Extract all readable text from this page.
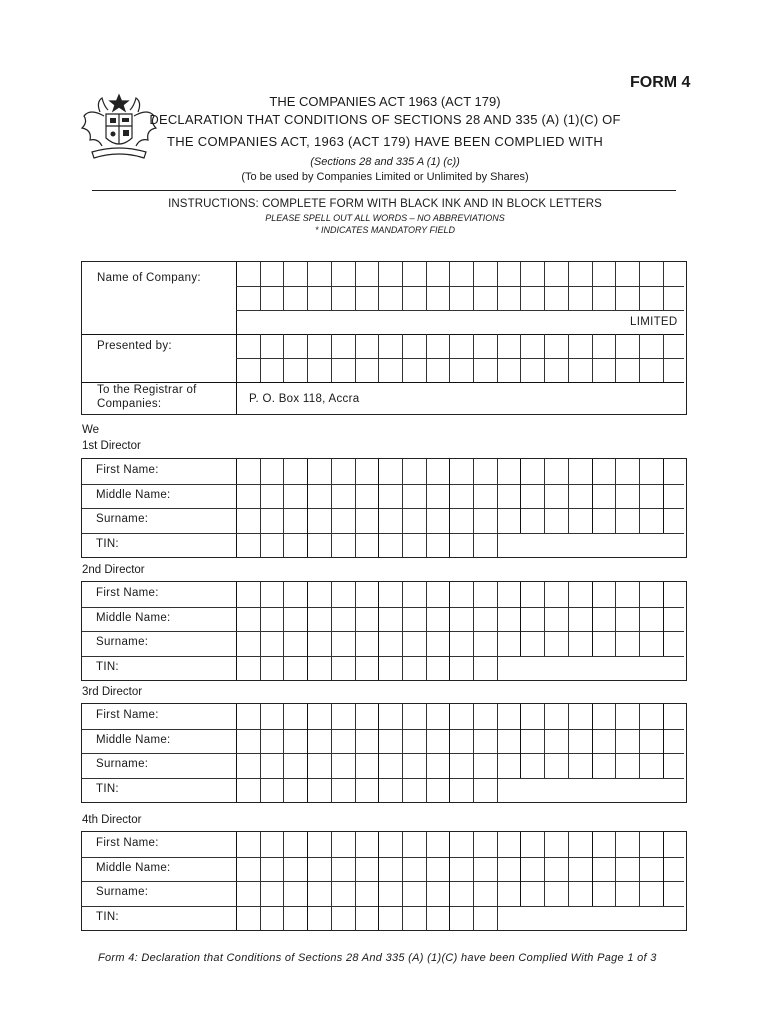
FORM 4
THE COMPANIES ACT 1963 (ACT 179)
DECLARATION THAT CONDITIONS OF SECTIONS 28 AND 335 (A) (1)(C) OF
THE COMPANIES ACT, 1963 (ACT 179) HAVE BEEN COMPLIED WITH
(Sections 28 and 335 A (1) (c))
(To be used by Companies Limited or Unlimited by Shares)
INSTRUCTIONS: COMPLETE FORM WITH BLACK INK AND IN BLOCK LETTERS
PLEASE SPELL OUT ALL WORDS – NO ABBREVIATIONS
* INDICATES MANDATORY FIELD
Name of Company:
LIMITED
Presented by:
To the Registrar of
Companies:	P. O. Box 118, Accra
We
1st Director
First Name:
Middle Name:
Surname:
TIN:
2nd Director
First Name:
Middle Name:
Surname:
TIN:
3rd Director
First Name:
Middle Name:
Surname:
TIN:
4th Director
First Name:
Middle Name:
Surname:
TIN:
Form 4: Declaration that Conditions of Sections 28 And 335 (A) (1)(C) have been Complied With Page 1 of 3
